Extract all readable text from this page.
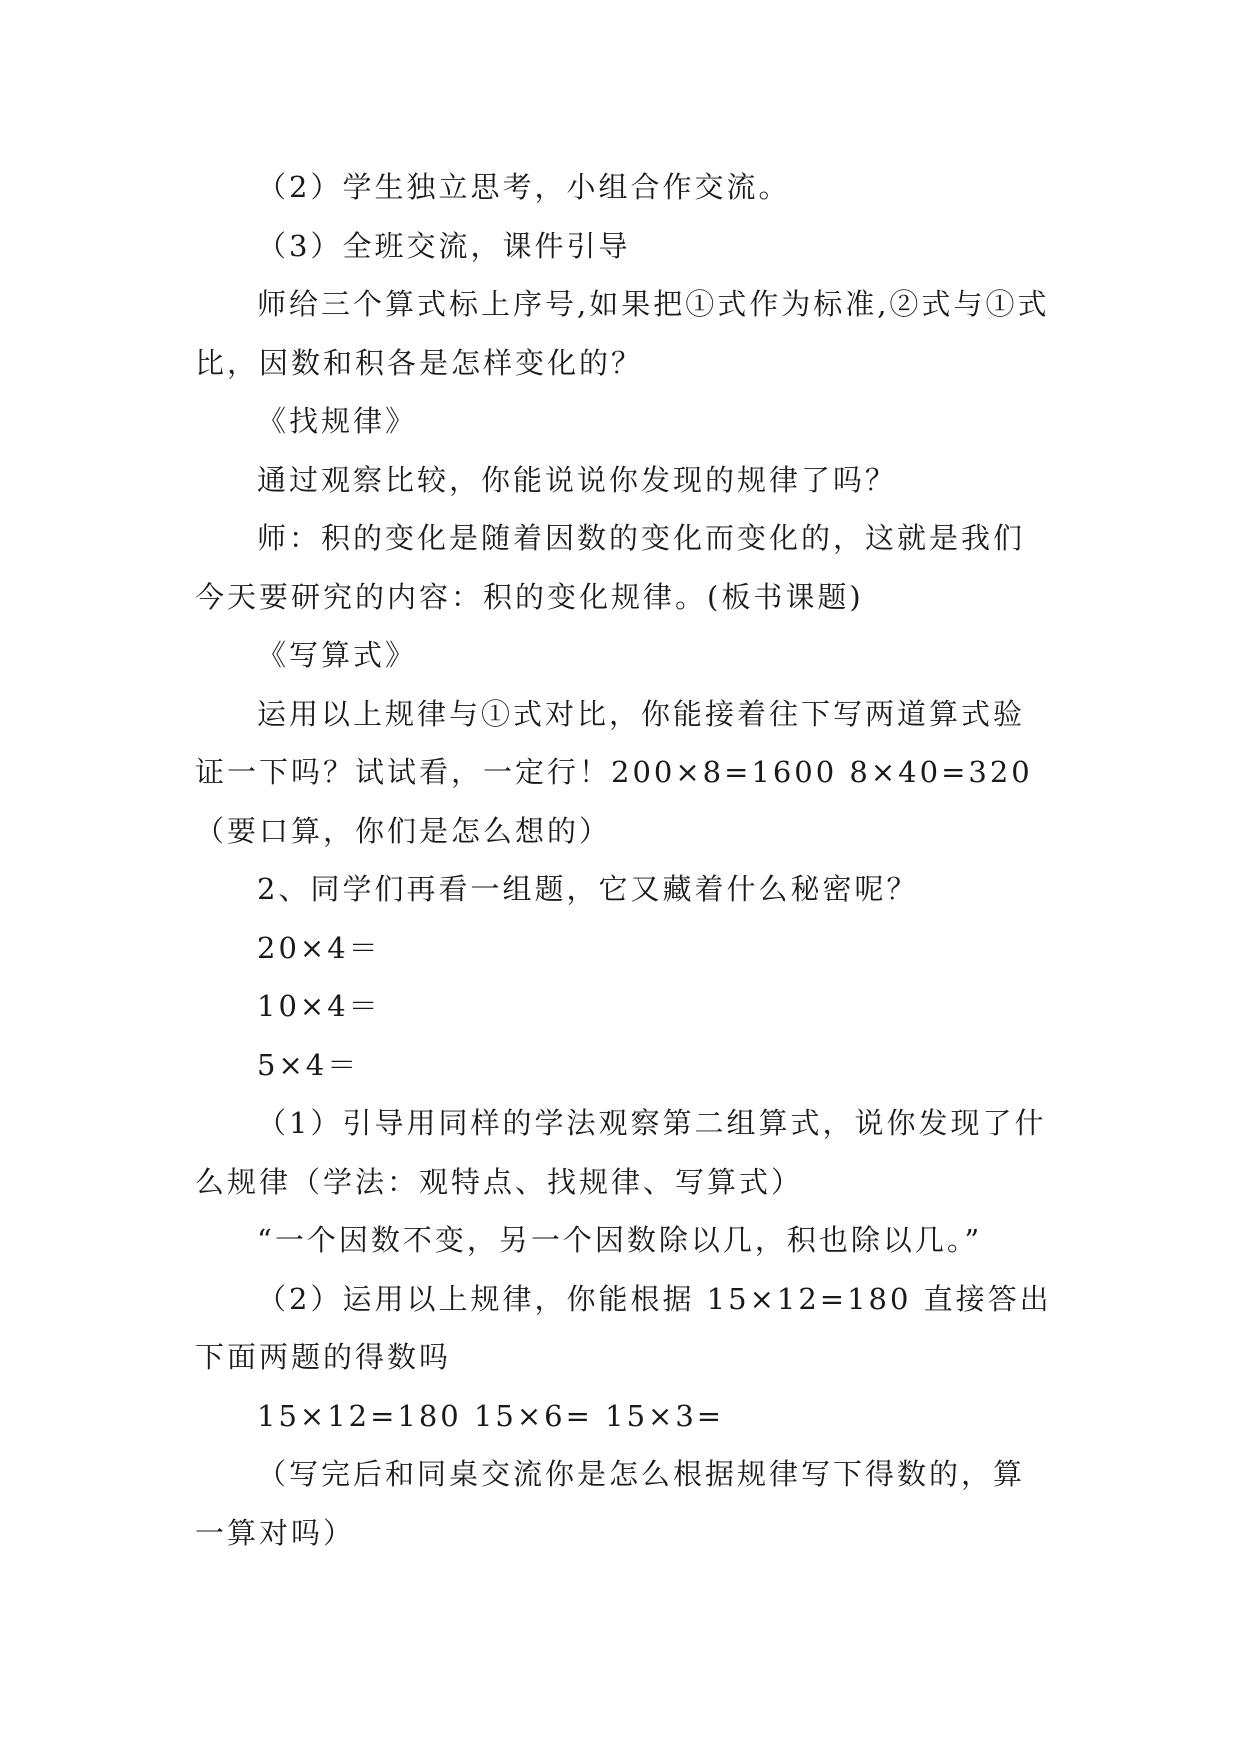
（2）学生独立思考，小组合作交流。

（3）全班交流，课件引导

师给三个算式标上序号,如果把①式作为标准,②式与①式比，因数和积各是怎样变化的？

《找规律》

通过观察比较，你能说说你发现的规律了吗？

师：积的变化是随着因数的变化而变化的，这就是我们今天要研究的内容：积的变化规律。(板书课题)

《写算式》

运用以上规律与①式对比，你能接着往下写两道算式验证一下吗？试试看，一定行！200×8=1600 8×40=320（要口算，你们是怎么想的）

2、同学们再看一组题，它又藏着什么秘密呢？

20×4＝

10×4＝

5×4＝

（1）引导用同样的学法观察第二组算式，说你发现了什么规律（学法：观特点、找规律、写算式）

“一个因数不变，另一个因数除以几，积也除以几。”

（2）运用以上规律，你能根据 15×12=180 直接答出下面两题的得数吗

15×12=180 15×6= 15×3=

（写完后和同桌交流你是怎么根据规律写下得数的，算一算对吗）
